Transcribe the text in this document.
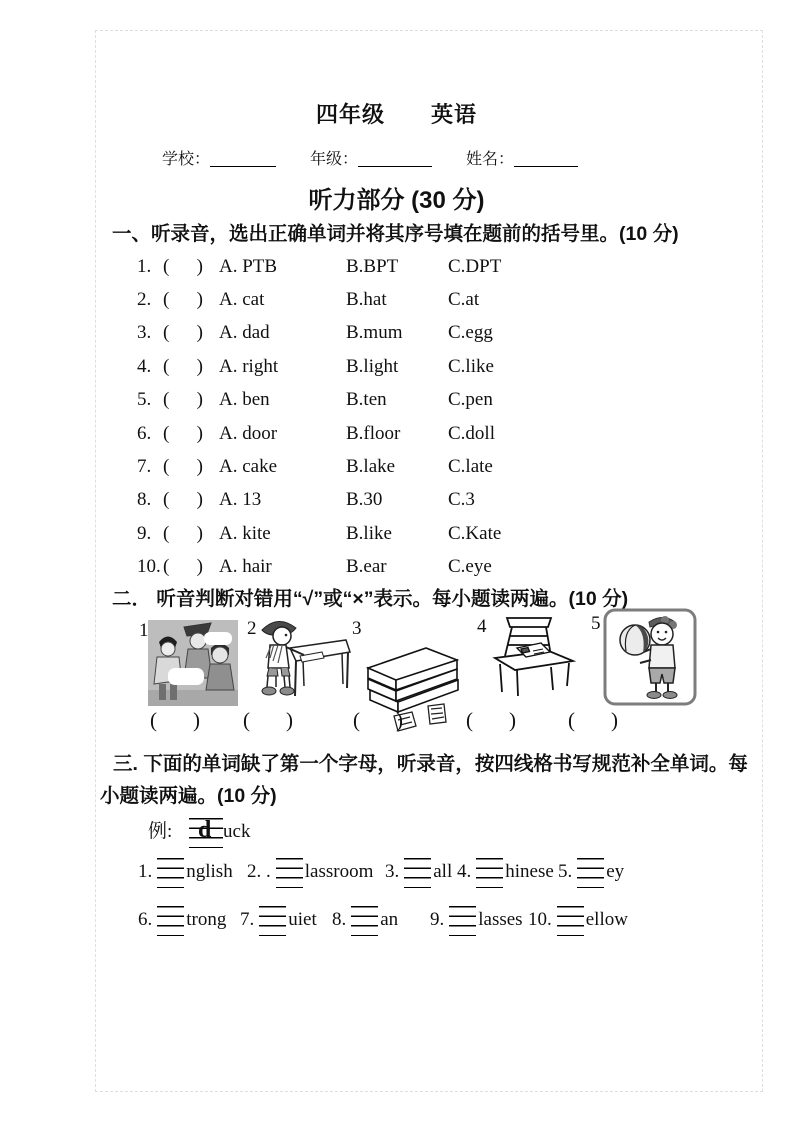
四年级　　英语
学校：	年级：	姓名：
听力部分 (30 分)
一、听录音，选出正确单词并将其序号填在题前的括号里。(10 分)
1. ( ) A. PTB	B.BPT	C.DPT
2. ( ) A. cat	B.hat	C.at
3. ( ) A. dad	B.mum	C.egg
4. ( ) A. right	B.light	C.like
5. ( ) A. ben	B.ten	C.pen
6. ( ) A. door	B.floor	C.doll
7. ( ) A. cake	B.lake	C.late
8. ( ) A. 13	B.30	C.3
9. ( ) A. kite	B.like	C.Kate
10. ( ) A. hair	B.ear	C.eye
二． 听音判断对错用“√”或“×”表示。每小题读两遍。(10 分)
1	2	3	4	5
( ) ( )	( )	( ) ( )
三. 下面的单词缺了第一个字母，听录音，按四线格书写规范补全单词。每小题读两遍。(10 分)
例: d uck
1. nglish 2. . lassroom 3. all 4. hinese 5. ey
6. trong 7. uiet 8. an 9. lasses 10. ellow
